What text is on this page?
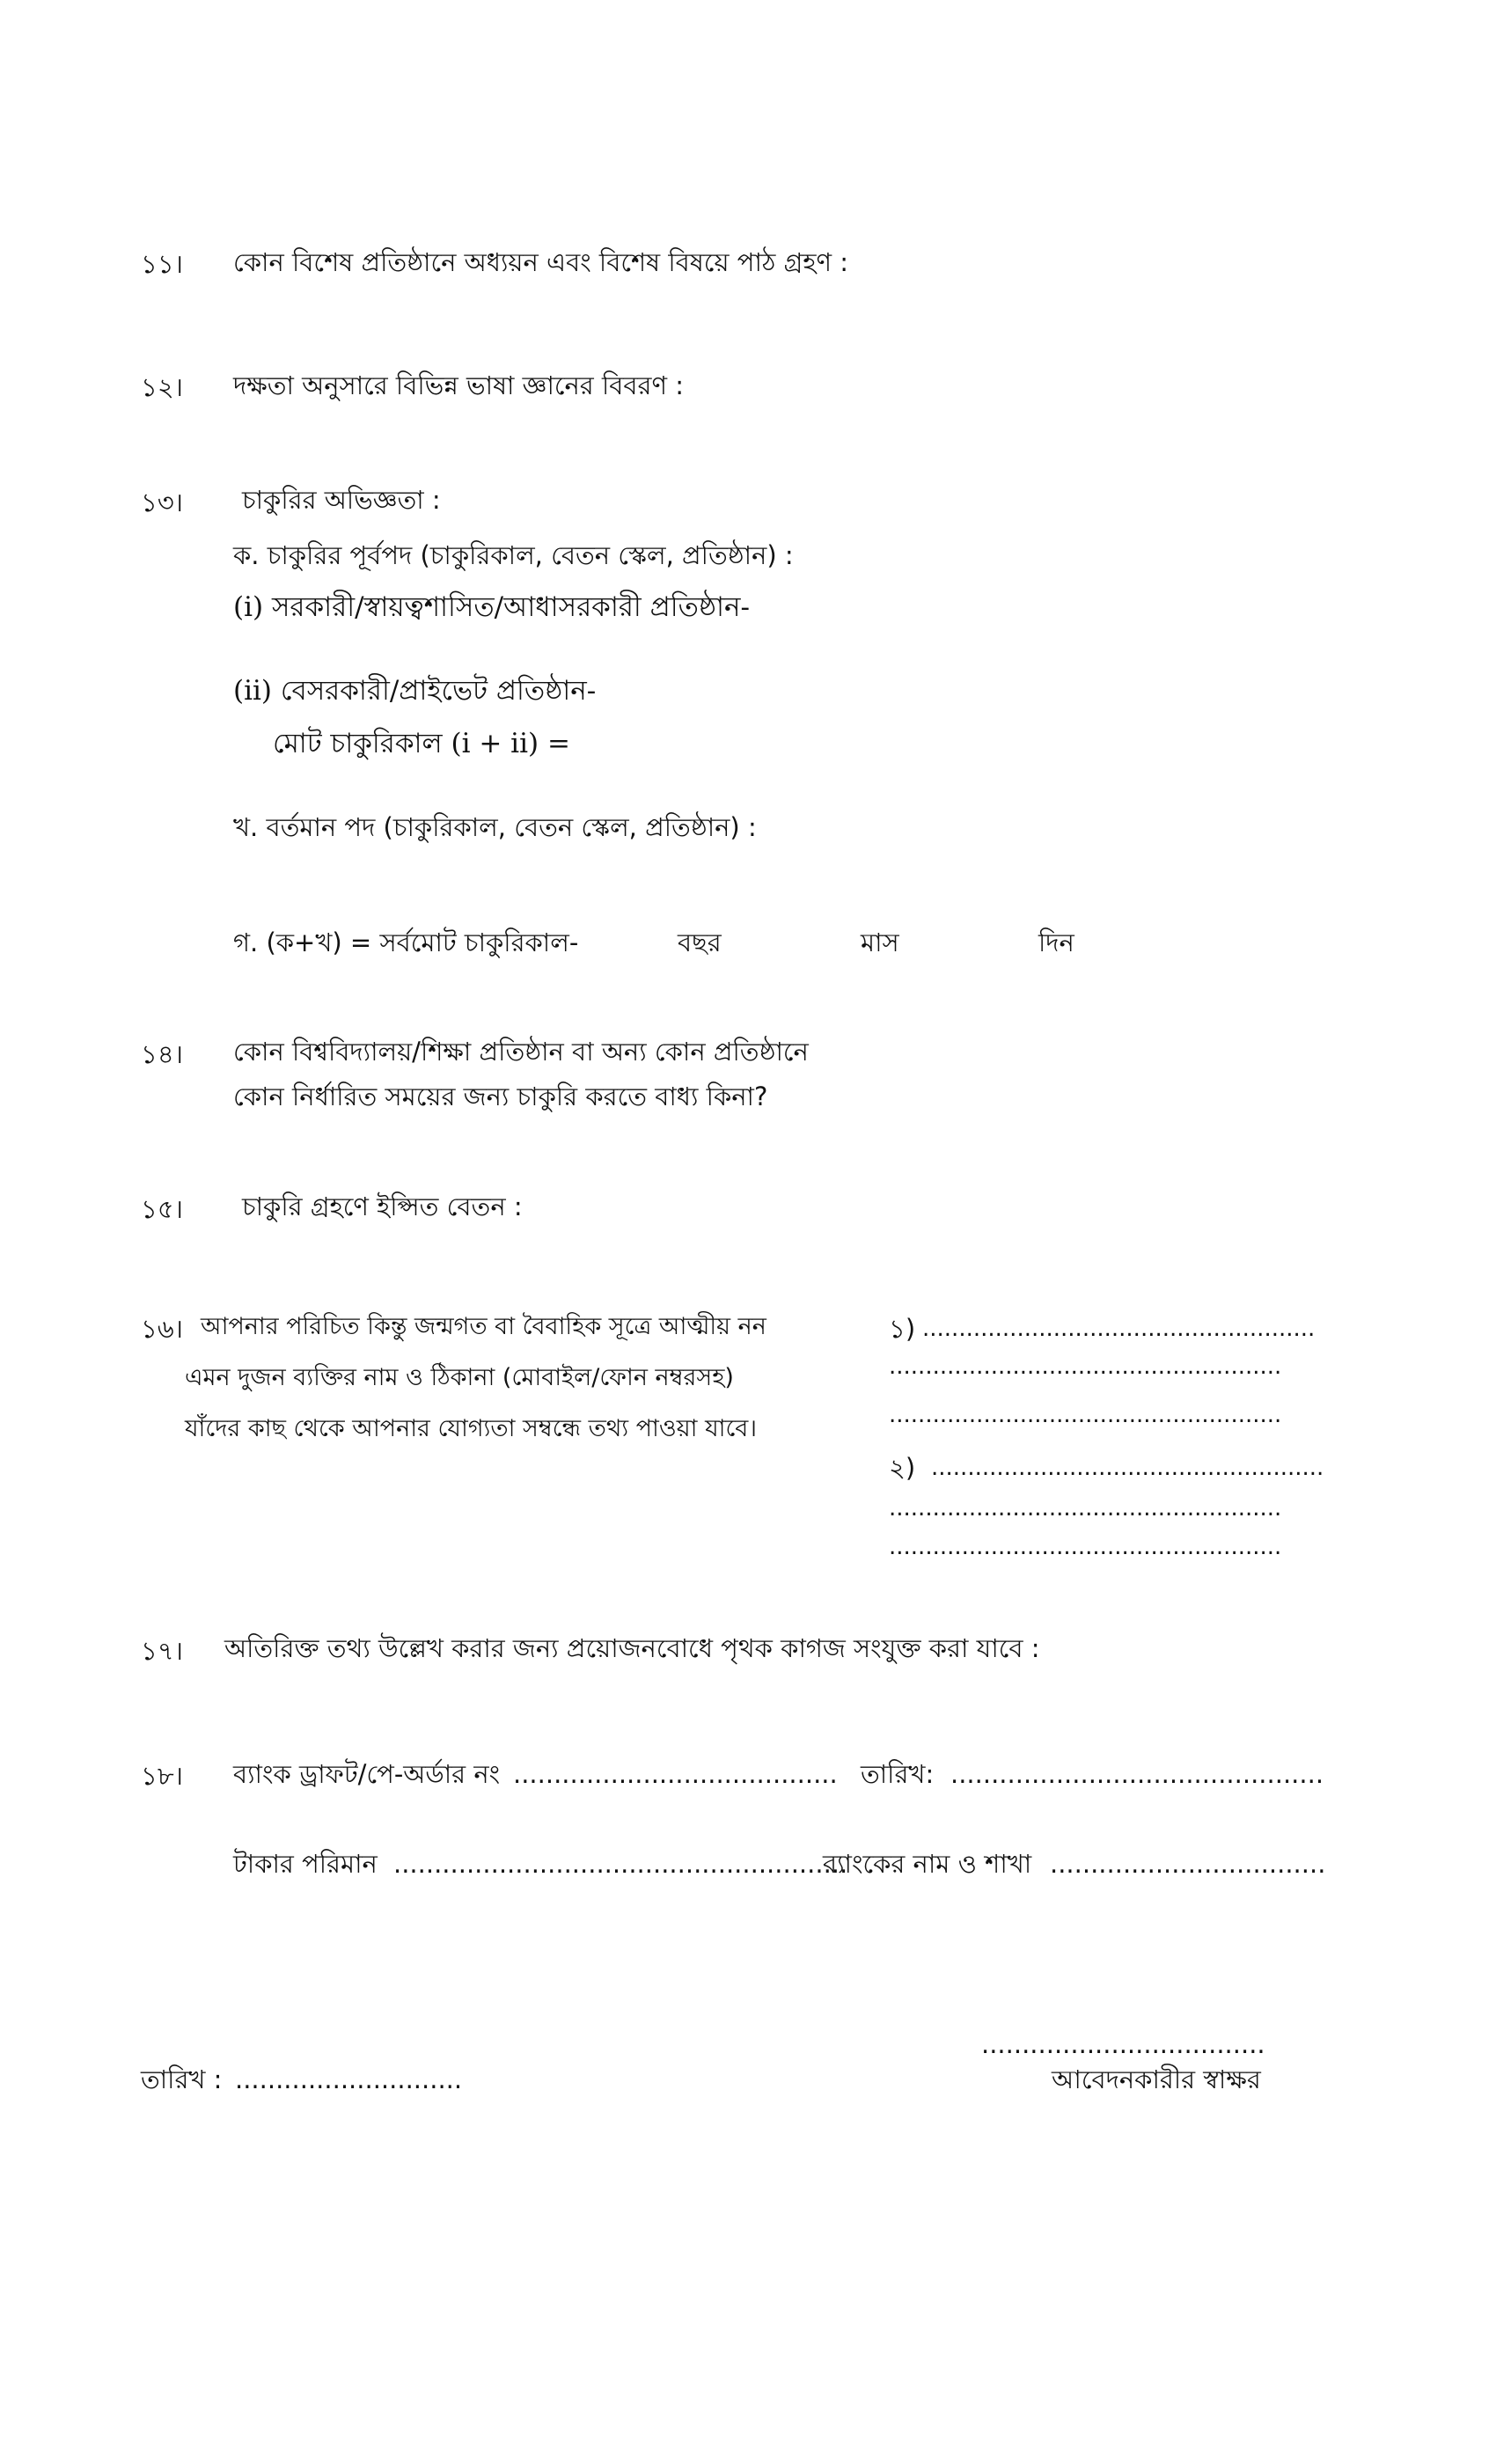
১১। কোন বিশেষ প্রতিষ্ঠানে অধ্যয়ন এবং বিশেষ বিষয়ে পাঠ গ্রহণ :
১২। দক্ষতা অনুসারে বিভিন্ন ভাষা জ্ঞানের বিবরণ :
১৩। চাকুরির অভিজ্ঞতা :
ক. চাকুরির পূর্বপদ (চাকুরিকাল, বেতন স্কেল, প্রতিষ্ঠান) :
(i) সরকারী/স্বায়ত্বশাসিত/আধাসরকারী প্রতিষ্ঠান-
(ii) বেসরকারী/প্রাইভেট প্রতিষ্ঠান-
মোট চাকুরিকাল (i + ii) =
খ. বর্তমান পদ (চাকুরিকাল, বেতন স্কেল, প্রতিষ্ঠান) :
গ. (ক+খ) = সর্বমোট চাকুরিকাল-	বছর	মাস	দিন
১৪। কোন বিশ্ববিদ্যালয়/শিক্ষা প্রতিষ্ঠান বা অন্য কোন প্রতিষ্ঠানে
কোন নির্ধারিত সময়ের জন্য চাকুরি করতে বাধ্য কিনা?
১৫। চাকুরি গ্রহণে ইপ্সিত বেতন :
১৬। আপনার পরিচিত কিন্তু জন্মগত বা বৈবাহিক সূত্রে আত্মীয় নন
এমন দুজন ব্যক্তির নাম ও ঠিকানা (মোবাইল/ফোন নম্বরসহ)
যাঁদের কাছ থেকে আপনার যোগ্যতা সম্বন্ধে তথ্য পাওয়া যাবে।
১) ......................................................
......................................................
......................................................
২) ......................................................
......................................................
......................................................
১৭। অতিরিক্ত তথ্য উল্লেখ করার জন্য প্রয়োজনবোধে পৃথক কাগজ সংযুক্ত করা যাবে :
১৮। ব্যাংক ড্রাফট/পে-অর্ডার নং ........................................ তারিখ: ..............................................
টাকার পরিমান ........................................................
ব্যাংকের নাম ও শাখা ..................................
...................................
তারিখ : ............................	আবেদনকারীর স্বাক্ষর
